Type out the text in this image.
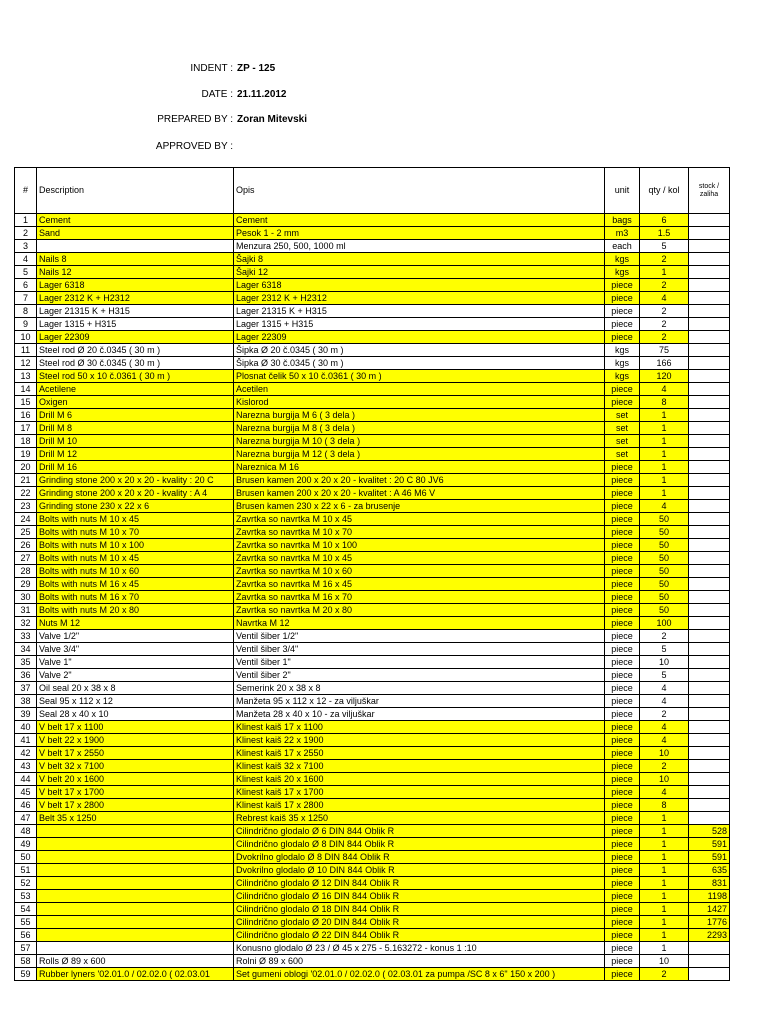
INDENT : ZP - 125
DATE : 21.11.2012
PREPARED BY : Zoran Mitevski
APPROVED BY :
#	Description	Opis	unit	qty / kol	stock / zaliha
1	Cement	Cement	bags	6	
2	Sand	Pesok 1 - 2 mm	m3	1.5	
3		Menzura 250, 500, 1000 ml	each	5	
4	Nails 8	Šajki 8	kgs	2	
5	Nails 12	Šajki 12	kgs	1	
6	Lager 6318	Lager 6318	piece	2	
7	Lager 2312 K + H2312	Lager 2312 K + H2312	piece	4	
8	Lager 21315 K + H315	Lager 21315 K + H315	piece	2	
9	Lager 1315 + H315	Lager 1315 + H315	piece	2	
10	Lager 22309	Lager 22309	piece	2	
11	Steel rod Ø 20 č.0345 ( 30 m )	Šipka Ø 20 č.0345 ( 30 m )	kgs	75	
12	Steel rod Ø 30 č.0345 ( 30 m )	Šipka Ø 30 č.0345 ( 30 m )	kgs	166	
13	Steel rod 50 x 10 č.0361 ( 30 m )	Plosnat čelik 50 x 10 č.0361 ( 30 m )	kgs	120	
14	Acetilene	Acetilen	piece	4	
15	Oxigen	Kislorod	piece	8	
16	Drill M 6	Narezna burgija M 6 ( 3 dela )	set	1	
17	Drill M 8	Narezna burgija M 8 ( 3 dela )	set	1	
18	Drill M 10	Narezna burgija M 10 ( 3 dela )	set	1	
19	Drill M 12	Narezna burgija M 12 ( 3 dela )	set	1	
20	Drill M 16	Nareznica M 16	piece	1	
21	Grinding stone 200 x 20 x 20 - kvality : 20 C	Brusen kamen 200 x 20 x 20 - kvalitet : 20 C 80 JV6	piece	1	
22	Grinding stone 200 x 20 x 20 - kvality : A 4	Brusen kamen 200 x 20 x 20 - kvalitet : A 46 M6 V	piece	1	
23	Grinding stone 230 x 22 x 6	Brusen kamen 230 x 22 x 6 - za brusenje	piece	4	
24	Bolts with nuts M 10 x 45	Zavrtka so navrtka M 10 x 45	piece	50	
25	Bolts with nuts M 10 x 70	Zavrtka so navrtka M 10 x 70	piece	50	
26	Bolts with nuts M 10 x 100	Zavrtka so navrtka M 10 x 100	piece	50	
27	Bolts with nuts M 10 x 45	Zavrtka so navrtka M 10 x 45	piece	50	
28	Bolts with nuts M 10 x 60	Zavrtka so navrtka M 10 x 60	piece	50	
29	Bolts with nuts M 16 x 45	Zavrtka so navrtka M 16 x 45	piece	50	
30	Bolts with nuts M 16 x 70	Zavrtka so navrtka M 16 x 70	piece	50	
31	Bolts with nuts M 20 x 80	Zavrtka so navrtka M 20 x 80	piece	50	
32	Nuts M 12	Navrtka M 12	piece	100	
33	Valve 1/2"	Ventil šiber 1/2"	piece	2	
34	Valve 3/4"	Ventil šiber 3/4"	piece	5	
35	Valve 1"	Ventil šiber 1"	piece	10	
36	Valve 2"	Ventil šiber 2"	piece	5	
37	Oil seal 20 x 38 x 8	Semerink 20 x 38 x 8	piece	4	
38	Seal 95 x 112 x 12	Manžeta 95 x 112 x 12 - za viljuškar	piece	4	
39	Seal 28 x 40 x 10	Manžeta 28 x 40 x 10 - za viljuškar	piece	2	
40	V belt 17 x 1100	Klinest kaiš 17 x 1100	piece	4	
41	V belt 22 x 1900	Klinest kaiš 22 x 1900	piece	4	
42	V belt 17 x 2550	Klinest kaiš 17 x 2550	piece	10	
43	V belt 32 x 7100	Klinest kaiš 32 x 7100	piece	2	
44	V belt 20 x 1600	Klinest kaiš 20 x 1600	piece	10	
45	V belt 17 x 1700	Klinest kaiš 17 x 1700	piece	4	
46	V belt 17 x 2800	Klinest kaiš 17 x 2800	piece	8	
47	Belt 35 x 1250	Rebrest kaiš 35 x 1250	piece	1	
48		Cilindrično glodalo Ø 6 DIN 844 Oblik R	piece	1	528
49		Cilindrično glodalo Ø 8 DIN 844 Oblik R	piece	1	591
50		Dvokrilno glodalo Ø 8 DIN 844 Oblik R	piece	1	591
51		Dvokrilno glodalo Ø 10 DIN 844 Oblik R	piece	1	635
52		Cilindrično glodalo Ø 12 DIN 844 Oblik R	piece	1	831
53		Cilindrično glodalo Ø 16 DIN 844 Oblik R	piece	1	1198
54		Cilindrično glodalo Ø 18 DIN 844 Oblik R	piece	1	1427
55		Cilindrično glodalo Ø 20 DIN 844 Oblik R	piece	1	1776
56		Cilindrično glodalo Ø 22 DIN 844 Oblik R	piece	1	2293
57		Konusno glodalo Ø 23 / Ø 45 x 275 - 5.163272 - konus 1 :10	piece	1	
58	Rolls Ø 89 x 600	Rolni Ø 89 x 600	piece	10	
59	Rubber lyners '02.01.0 / 02.02.0 ( 02.03.01	Set gumeni oblogi '02.01.0 / 02.02.0 ( 02.03.01 za pumpa /SC 8 x 6" 150 x 200 )	piece	2	
